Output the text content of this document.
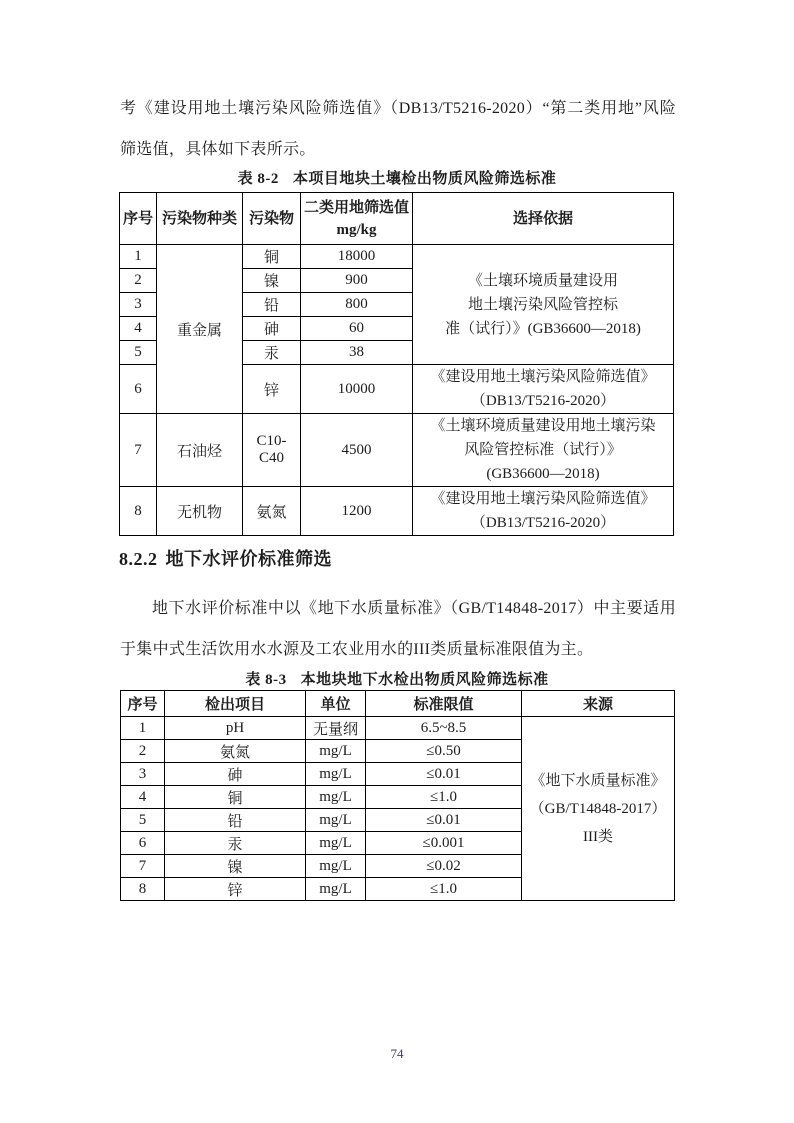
考《建设用地土壤污染风险筛选值》（DB13/T5216-2020）“第二类用地”风险筛选值，具体如下表所示。

表 8-2 本项目地块土壤检出物质风险筛选标准
序号	污染物种类	污染物	二类用地筛选值
mg/kg	选择依据
1	重金属	铜	18000	《土壤环境质量建设用
地土壤污染风险管控标
准（试行）》(GB36600—2018)
2		镍	900	
3		铅	800	
4		砷	60	
5		汞	38	
6		锌	10000	《建设用地土壤污染风险筛选值》
（DB13/T5216-2020）
7	石油烃	C10-C40	4500	《土壤环境质量建设用地土壤污染
风险管控标准（试行）》
(GB36600—2018)
8	无机物	氨氮	1200	《建设用地土壤污染风险筛选值》
（DB13/T5216-2020）
8.2.2 地下水评价标准筛选

地下水评价标准中以《地下水质量标准》（GB/T14848-2017）中主要适用于集中式生活饮用水水源及工农业用水的III类质量标准限值为主。

表 8-3 本地块地下水检出物质风险筛选标准
序号	检出项目	单位	标准限值	来源
1	pH	无量纲	6.5~8.5	《地下水质量标准》
（GB/T14848-2017）
III类
2	氨氮	mg/L	≤0.50	
3	砷	mg/L	≤0.01	
4	铜	mg/L	≤1.0	
5	铅	mg/L	≤0.01	
6	汞	mg/L	≤0.001	
7	镍	mg/L	≤0.02	
8	锌	mg/L	≤1.0	
74
